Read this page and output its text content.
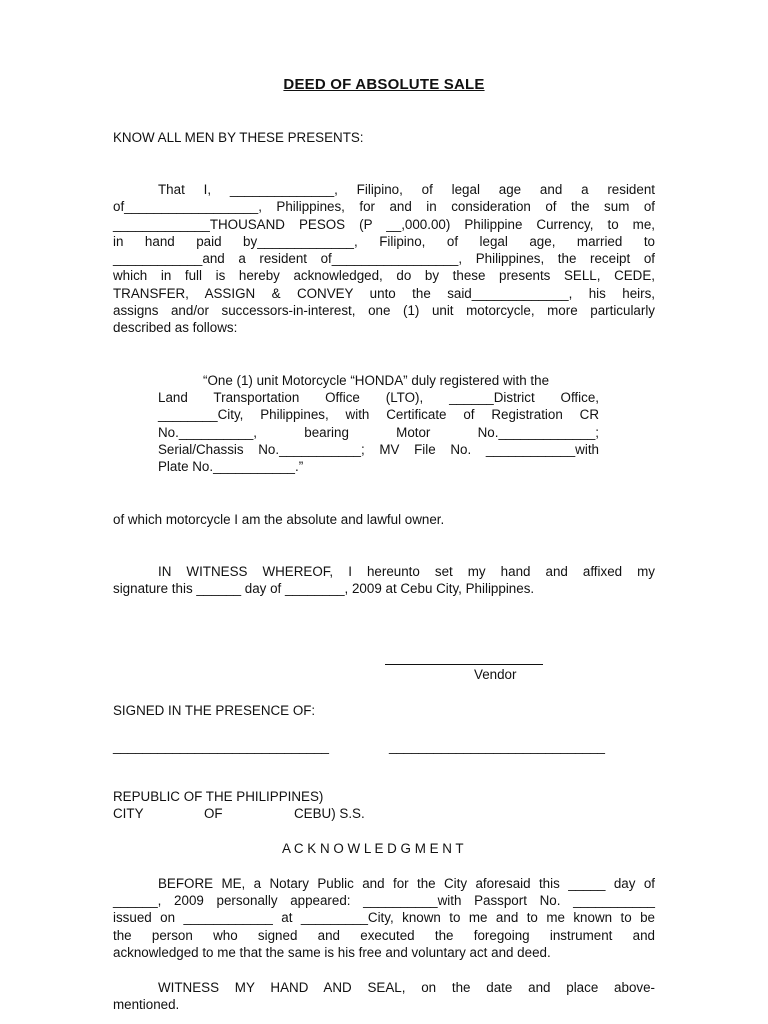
DEED OF ABSOLUTE SALE
KNOW ALL MEN BY THESE PRESENTS:
That I, ______________, Filipino, of legal age and a resident
of__________________, Philippines, for and in consideration of the sum of
_____________THOUSAND PESOS (P __,000.00) Philippine Currency, to me,
in hand paid by_____________, Filipino, of legal age, married to
____________and a resident of_________________, Philippines, the receipt of
which in full is hereby acknowledged, do by these presents SELL, CEDE,
TRANSFER, ASSIGN & CONVEY unto the said_____________, his heirs,
assigns and/or successors-in-interest, one (1) unit motorcycle, more particularly
described as follows:
“One (1) unit Motorcycle “HONDA” duly registered with the
Land Transportation Office (LTO), ______District Office,
________City, Philippines, with Certificate of Registration CR
No.__________, bearing Motor No._____________;
Serial/Chassis No.___________; MV File No. ____________with
Plate No.___________.”
of which motorcycle I am the absolute and lawful owner.
IN WITNESS WHEREOF, I hereunto set my hand and affixed my
signature this ______ day of ________, 2009 at Cebu City, Philippines.
Vendor
SIGNED IN THE PRESENCE OF:
_____________________________	_____________________________
REPUBLIC OF THE PHILIPPINES)
CITY	OF	CEBU) S.S.
A C K N O W L E D G M E N T
BEFORE ME, a Notary Public and for the City aforesaid this _____ day of
______, 2009 personally appeared: __________with Passport No. ___________
issued on ____________ at _________City, known to me and to me known to be
the person who signed and executed the foregoing instrument and
acknowledged to me that the same is his free and voluntary act and deed.
WITNESS MY HAND AND SEAL, on the date and place above-
mentioned.
